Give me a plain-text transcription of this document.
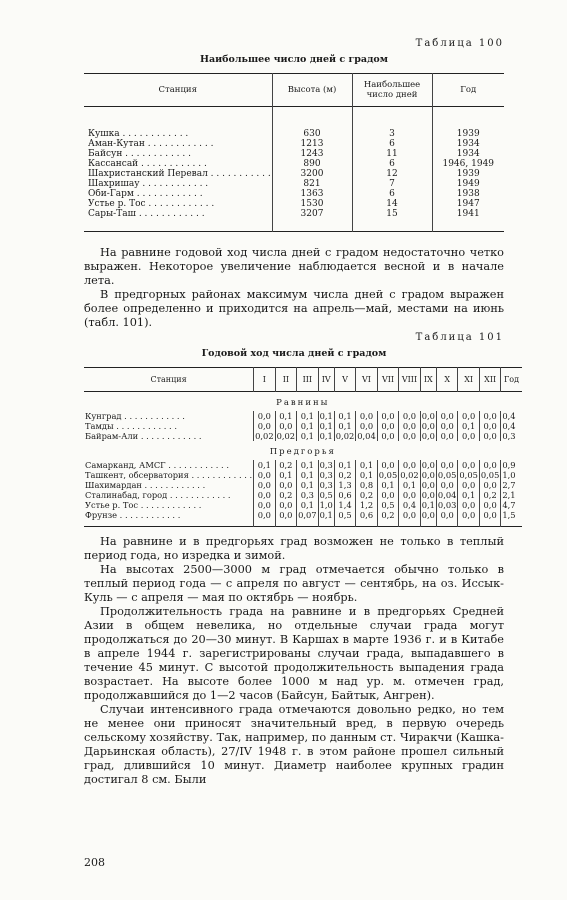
Таблица 100
Наибольшее число дней с градом
Станция	Высота (м)	Наибольшее число дней	Год
Кушка . . .	630	3	1939
Аман-Кутан . . .	1213	6	1934
Байсун . . .	1243	11	1934
Кассансай . . .	890	6	1946, 1949
Шахристанский Перевал . . .	3200	12	1939
Шахришау . . .	821	7	1949
Оби-Гарм . . .	1363	6	1938
Устье р. Тос . . .	1530	14	1947
Сары-Таш . . .	3207	15	1941

На равнине годовой ход числа дней с градом недостаточно четко выражен. Некоторое увеличение наблюдается весной и в начале лета.

В предгорных районах максимум числа дней с градом выражен более определенно и приходится на апрель—май, местами на июнь (табл. 101).

Таблица 101
Годовой ход числа дней с градом
Станция	I	II	III	IV	V	VI	VII	VIII	IX	X	XI	XII	Год
Равнины													
Кунград . . .	0,0	0,1	0,1	0,1	0,1	0,0	0,0	0,0	0,0	0,0	0,0	0,0	0,4
Тамды . . .	0,0	0,0	0,1	0,1	0,1	0,0	0,0	0,0	0,0	0,0	0,1	0,0	0,4
Байрам-Али . . .	0,02	0,02	0,1	0,1	0,02	0,04	0,0	0,0	0,0	0,0	0,0	0,0	0,3
Предгорья													
Самарканд, АМСГ . . .	0,1	0,2	0,1	0,3	0,1	0,1	0,0	0,0	0,0	0,0	0,0	0,0	0,9
Ташкент, обсерватория . . .	0,0	0,1	0,1	0,3	0,2	0,1	0,05	0,02	0,0	0,05	0,05	0,05	1,0
Шахимардан . . .	0,0	0,0	0,1	0,3	1,3	0,8	0,1	0,1	0,0	0,0	0,0	0,0	2,7
Сталинабад, город . . .	0,0	0,2	0,3	0,5	0,6	0,2	0,0	0,0	0,0	0,04	0,1	0,2	2,1
Устье р. Тос . . .	0,0	0,0	0,1	1,0	1,4	1,2	0,5	0,4	0,1	0,03	0,0	0,0	4,7
Фрунзе . . .	0,0	0,0	0,07	0,1	0,5	0,6	0,2	0,0	0,0	0,0	0,0	0,0	1,5

На равнине и в предгорьях град возможен не только в теплый период года, но изредка и зимой.

На высотах 2500—3000 м град отмечается обычно только в теплый период года — с апреля по август — сентябрь, на оз. Иссык-Куль — с апреля — мая по октябрь — ноябрь.

Продолжительность града на равнине и в предгорьях Средней Азии в общем невелика, но отдельные случаи града могут продолжаться до 20—30 минут. В Каршах в марте 1936 г. и в Китабе в апреле 1944 г. зарегистрированы случаи града, выпадавшего в течение 45 минут. С высотой продолжительность выпадения града возрастает. На высоте более 1000 м над ур. м. отмечен град, продолжавшийся до 1—2 часов (Байсун, Байтык, Ангрен).

Случаи интенсивного града отмечаются довольно редко, но тем не менее они приносят значительный вред, в первую очередь сельскому хозяйству. Так, например, по данным ст. Чиракчи (Кашка-Дарьинская область), 27/IV 1948 г. в этом районе прошел сильный град, длившийся 10 минут. Диаметр наиболее крупных градин достигал 8 см. Были

208
